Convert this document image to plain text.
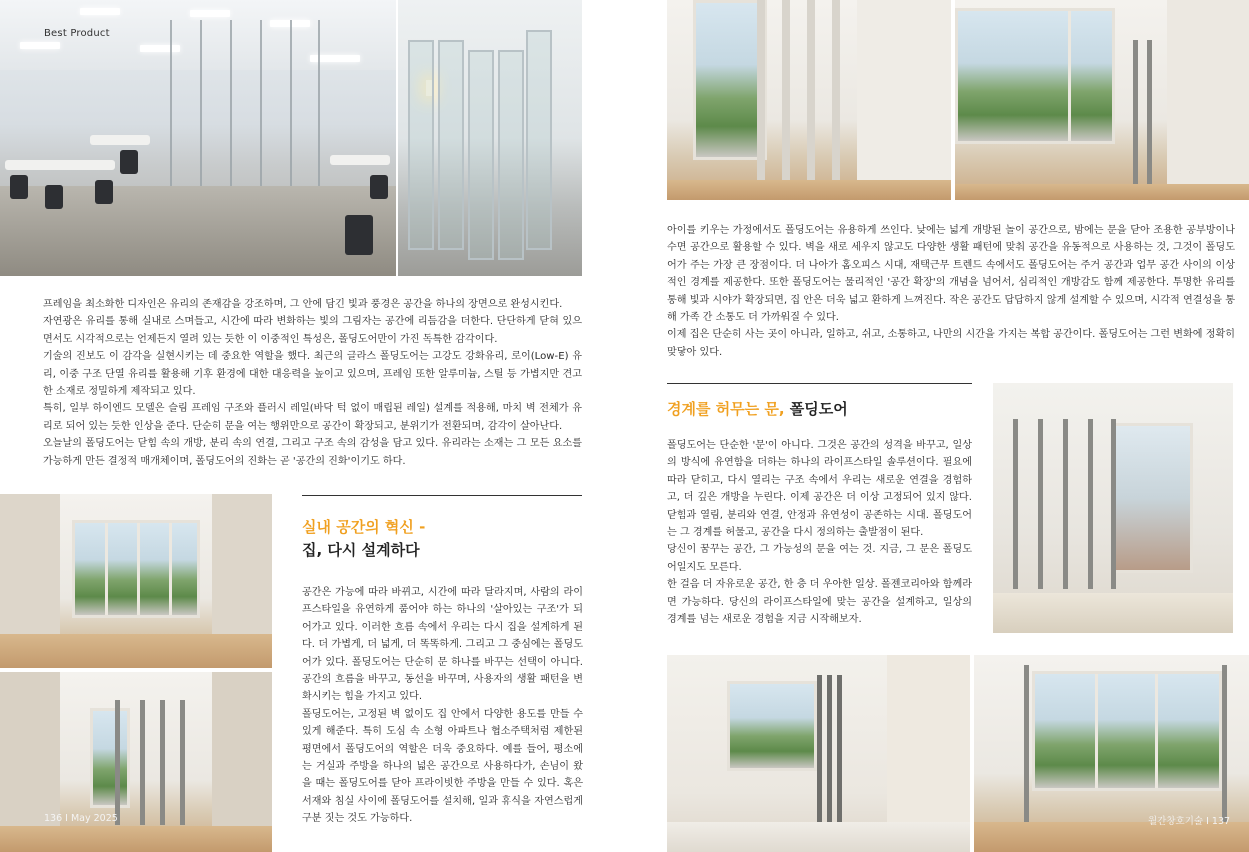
Best Product

프레임을 최소화한 디자인은 유리의 존재감을 강조하며, 그 안에 담긴 빛과 풍경은 공간을 하나의 장면으로 완성시킨다.

자연광은 유리를 통해 실내로 스며들고, 시간에 따라 변화하는 빛의 그림자는 공간에 리듬감을 더한다. 단단하게 닫혀 있으면서도 시각적으로는 언제든지 열려 있는 듯한 이 이중적인 특성은, 폴딩도어만이 가진 독특한 감각이다.

기술의 진보도 이 감각을 실현시키는 데 중요한 역할을 했다. 최근의 글라스 폴딩도어는 고강도 강화유리, 로이(Low-E) 유리, 이중 구조 단열 유리를 활용해 기후 환경에 대한 대응력을 높이고 있으며, 프레임 또한 알루미늄, 스틸 등 가볍지만 견고한 소재로 정밀하게 제작되고 있다.

특히, 일부 하이엔드 모델은 슬림 프레임 구조와 플러시 레일(바닥 턱 없이 매립된 레일) 설계를 적용해, 마치 벽 전체가 유리로 되어 있는 듯한 인상을 준다. 단순히 문을 여는 행위만으로 공간이 확장되고, 분위기가 전환되며, 감각이 살아난다.

오늘날의 폴딩도어는 닫힘 속의 개방, 분리 속의 연결, 그리고 구조 속의 감성을 담고 있다. 유리라는 소재는 그 모든 요소를 가능하게 만든 결정적 매개체이며, 폴딩도어의 진화는 곧 '공간의 진화'이기도 하다.

136 I May 2025
실내 공간의 혁신 -
집, 다시 설계하다

공간은 가능에 따라 바뀌고, 시간에 따라 달라지며, 사람의 라이프스타일을 유연하게 품어야 하는 하나의 '살아있는 구조'가 되어가고 있다. 이러한 흐름 속에서 우리는 다시 집을 설계하게 된다. 더 가볍게, 더 넓게, 더 똑똑하게. 그리고 그 중심에는 폴딩도어가 있다. 폴딩도어는 단순히 문 하나를 바꾸는 선택이 아니다. 공간의 흐름을 바꾸고, 동선을 바꾸며, 사용자의 생활 패턴을 변화시키는 힘을 가지고 있다.

폴딩도어는, 고정된 벽 없이도 집 안에서 다양한 용도를 만들 수 있게 해준다. 특히 도심 속 소형 아파트나 협소주택처럼 제한된 평면에서 폴딩도어의 역할은 더욱 중요하다. 예를 들어, 평소에는 거실과 주방을 하나의 넓은 공간으로 사용하다가, 손님이 왔을 때는 폴딩도어를 닫아 프라이빗한 주방을 만들 수 있다. 혹은 서재와 침실 사이에 폴딩도어를 설치해, 일과 휴식을 자연스럽게 구분 짓는 것도 가능하다.

아이를 키우는 가정에서도 폴딩도어는 유용하게 쓰인다. 낮에는 넓게 개방된 놀이 공간으로, 밤에는 문을 닫아 조용한 공부방이나 수면 공간으로 활용할 수 있다. 벽을 새로 세우지 않고도 다양한 생활 패턴에 맞춰 공간을 유동적으로 사용하는 것, 그것이 폴딩도어가 주는 가장 큰 장점이다. 더 나아가 홈오피스 시대, 재택근무 트렌드 속에서도 폴딩도어는 주거 공간과 업무 공간 사이의 이상적인 경계를 제공한다. 또한 폴딩도어는 물리적인 '공간 확장'의 개념을 넘어서, 심리적인 개방감도 함께 제공한다. 투명한 유리를 통해 빛과 시야가 확장되면, 집 안은 더욱 넓고 환하게 느껴진다. 작은 공간도 답답하지 않게 설계할 수 있으며, 시각적 연결성을 통해 가족 간 소통도 더 가까워질 수 있다.

이제 집은 단순히 사는 곳이 아니라, 일하고, 쉬고, 소통하고, 나만의 시간을 가지는 복합 공간이다. 폴딩도어는 그런 변화에 정확히 맞닿아 있다.

경계를 허무는 문, 폴딩도어

폴딩도어는 단순한 '문'이 아니다. 그것은 공간의 성격을 바꾸고, 일상의 방식에 유연함을 더하는 하나의 라이프스타일 솔루션이다. 필요에 따라 닫히고, 다시 열리는 구조 속에서 우리는 새로운 연결을 경험하고, 더 깊은 개방을 누린다. 이제 공간은 더 이상 고정되어 있지 않다. 닫힘과 열림, 분리와 연결, 안정과 유연성이 공존하는 시대. 폴딩도어는 그 경계를 허물고, 공간을 다시 정의하는 출발점이 된다.

당신이 꿈꾸는 공간, 그 가능성의 문을 여는 것. 지금, 그 문은 폴딩도어일지도 모른다.

한 걸음 더 자유로운 공간, 한 층 더 우아한 일상. 폴젠코리아와 함께라면 가능하다. 당신의 라이프스타일에 맞는 공간을 설계하고, 일상의 경계를 넘는 새로운 경험을 지금 시작해보자.

월간창호기술 I 137
